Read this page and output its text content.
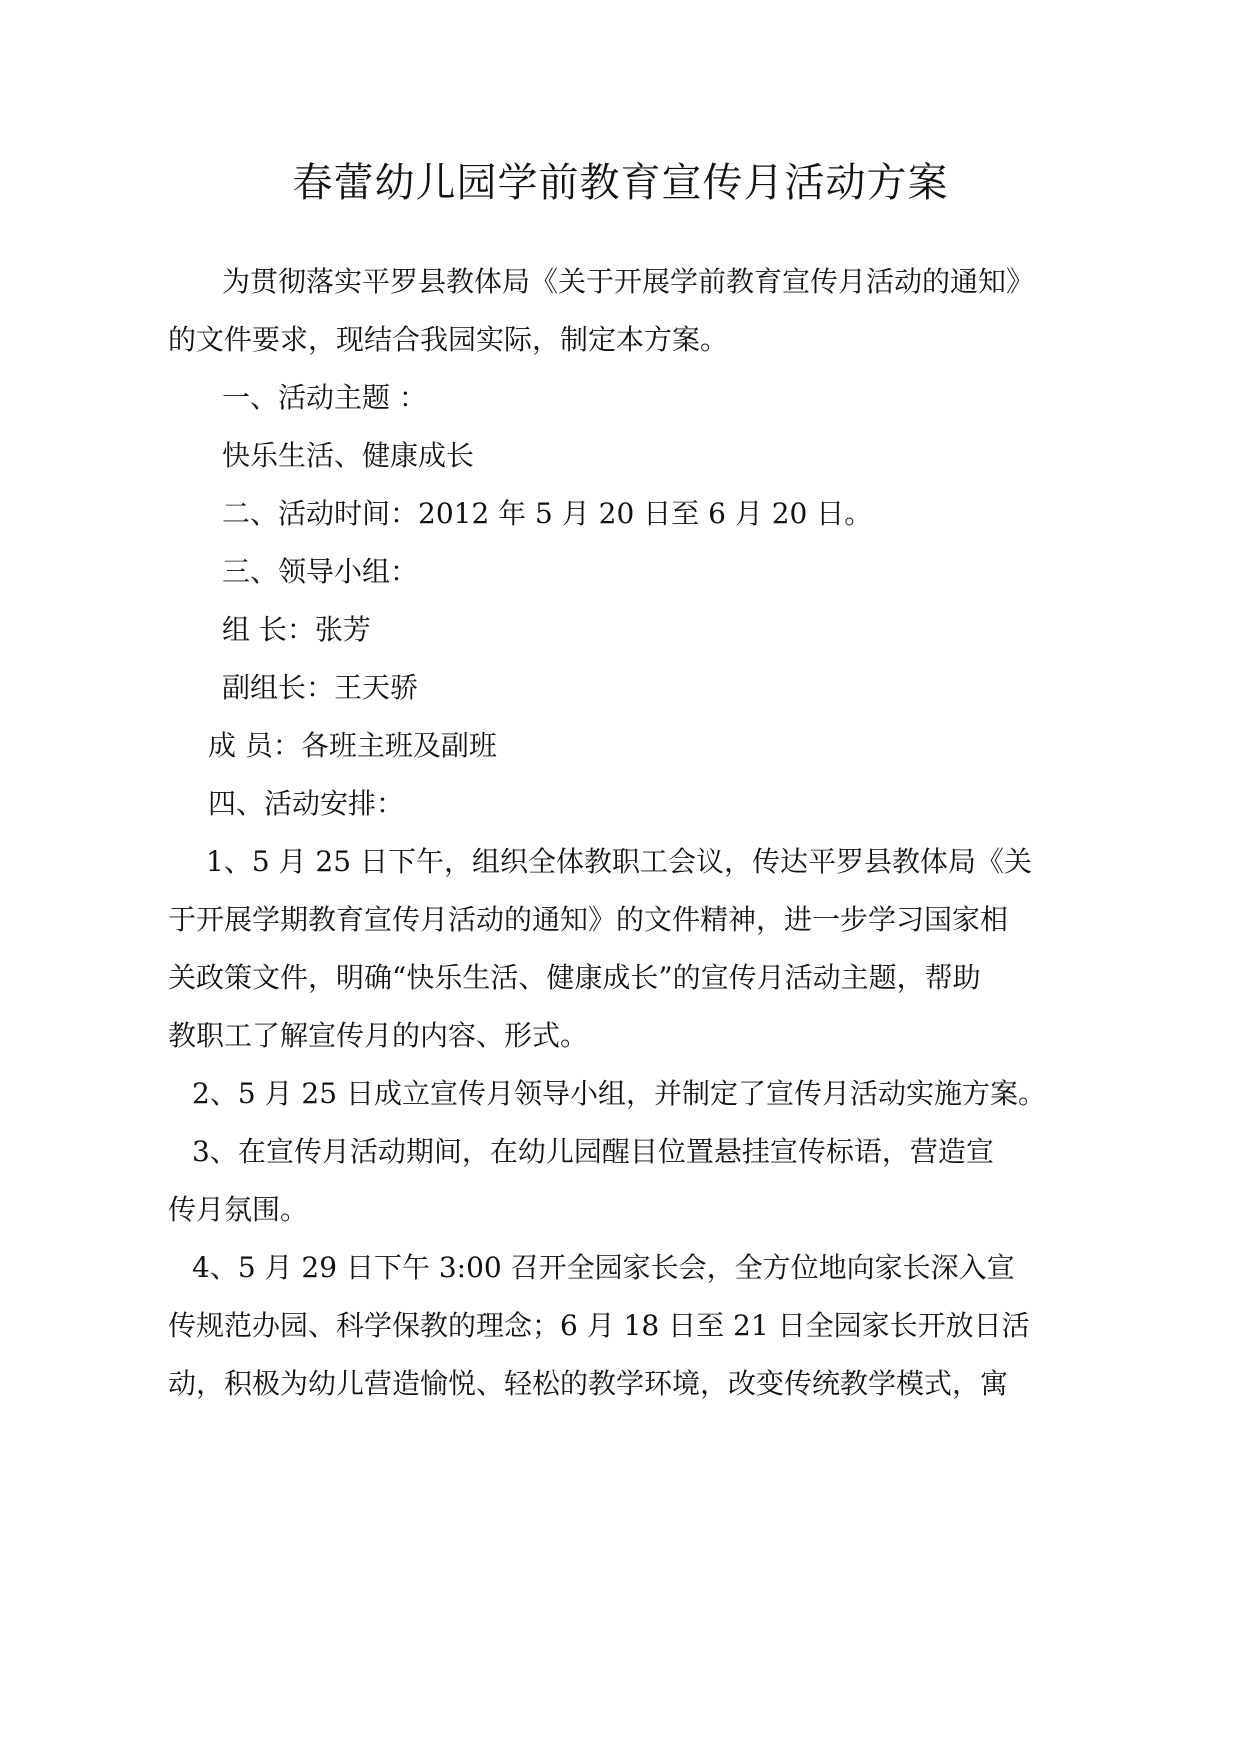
春蕾幼儿园学前教育宣传月活动方案
为贯彻落实平罗县教体局《关于开展学前教育宣传月活动的通知》
的文件要求，现结合我园实际，制定本方案。
一、活动主题 ：
快乐生活、健康成长
二、活动时间：2012 年 5 月 20 日至 6 月 20 日。
三、领导小组：
组 长：张芳
副组长：王天骄
成 员：各班主班及副班
四、活动安排：
1、5 月 25 日下午，组织全体教职工会议，传达平罗县教体局《关
于开展学期教育宣传月活动的通知》的文件精神，进一步学习国家相
关政策文件，明确“快乐生活、健康成长”的宣传月活动主题，帮助
教职工了解宣传月的内容、形式。
2、5 月 25 日成立宣传月领导小组，并制定了宣传月活动实施方案。
3、在宣传月活动期间，在幼儿园醒目位置悬挂宣传标语，营造宣
传月氛围。
4、5 月 29 日下午 3:00 召开全园家长会，全方位地向家长深入宣
传规范办园、科学保教的理念；6 月 18 日至 21 日全园家长开放日活
动，积极为幼儿营造愉悦、轻松的教学环境，改变传统教学模式，寓
